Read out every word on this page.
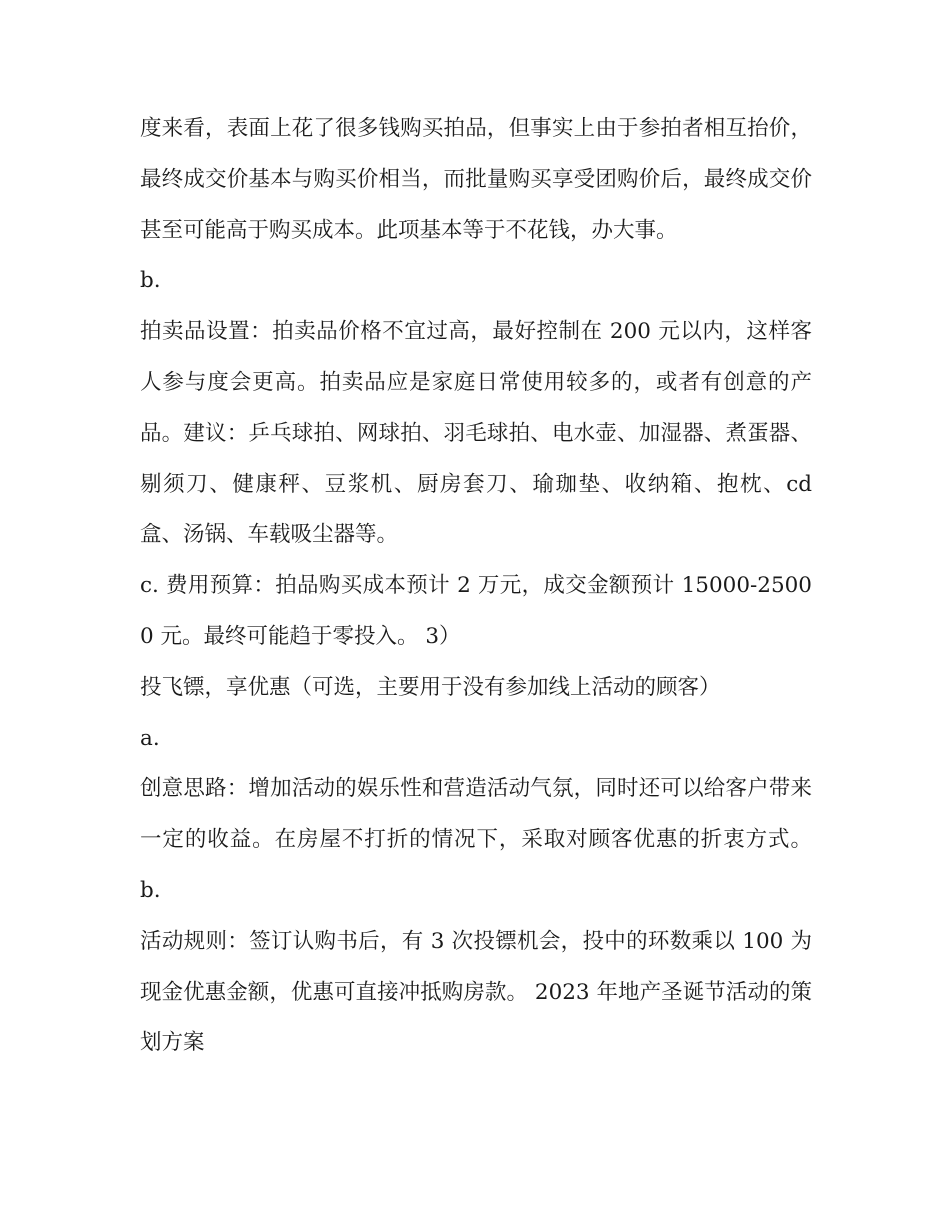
度来看，表面上花了很多钱购买拍品，但事实上由于参拍者相互抬价，最终成交价基本与购买价相当，而批量购买享受团购价后，最终成交价甚至可能高于购买成本。此项基本等于不花钱，办大事。

b.

拍卖品设置：拍卖品价格不宜过高，最好控制在 200 元以内，这样客人参与度会更高。拍卖品应是家庭日常使用较多的，或者有创意的产品。建议：乒乓球拍、网球拍、羽毛球拍、电水壶、加湿器、煮蛋器、剔须刀、健康秤、豆浆机、厨房套刀、瑜珈垫、收纳箱、抱枕、cd 盒、汤锅、车载吸尘器等。

c. 费用预算：拍品购买成本预计 2 万元，成交金额预计 15000-25000 元。最终可能趋于零投入。 3）

投飞镖，享优惠（可选，主要用于没有参加线上活动的顾客）

a.

创意思路：增加活动的娱乐性和营造活动气氛，同时还可以给客户带来一定的收益。在房屋不打折的情况下，采取对顾客优惠的折衷方式。 b.

活动规则：签订认购书后，有 3 次投镖机会，投中的环数乘以 100 为现金优惠金额，优惠可直接冲抵购房款。 2023 年地产圣诞节活动的策划方案
